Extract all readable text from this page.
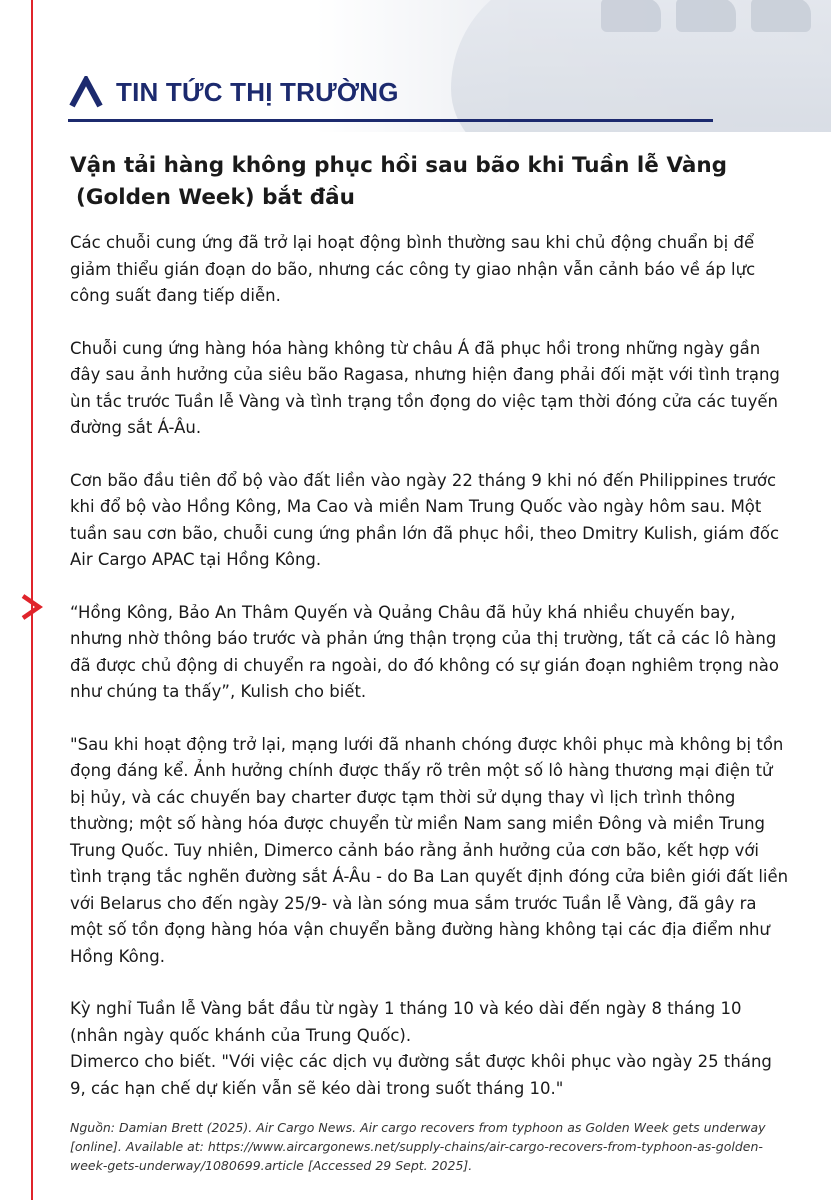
TIN TỨC THỊ TRƯỜNG
Vận tải hàng không phục hồi sau bão khi Tuần lễ Vàng
(Golden Week) bắt đầu

Các chuỗi cung ứng đã trở lại hoạt động bình thường sau khi chủ động chuẩn bị để giảm thiểu gián đoạn do bão, nhưng các công ty giao nhận vẫn cảnh báo về áp lực công suất đang tiếp diễn.

Chuỗi cung ứng hàng hóa hàng không từ châu Á đã phục hồi trong những ngày gần đây sau ảnh hưởng của siêu bão Ragasa, nhưng hiện đang phải đối mặt với tình trạng ùn tắc trước Tuần lễ Vàng và tình trạng tồn đọng do việc tạm thời đóng cửa các tuyến đường sắt Á-Âu.

Cơn bão đầu tiên đổ bộ vào đất liền vào ngày 22 tháng 9 khi nó đến Philippines trước khi đổ bộ vào Hồng Kông, Ma Cao và miền Nam Trung Quốc vào ngày hôm sau. Một tuần sau cơn bão, chuỗi cung ứng phần lớn đã phục hồi, theo Dmitry Kulish, giám đốc Air Cargo APAC tại Hồng Kông.

“Hồng Kông, Bảo An Thâm Quyến và Quảng Châu đã hủy khá nhiều chuyến bay, nhưng nhờ thông báo trước và phản ứng thận trọng của thị trường, tất cả các lô hàng đã được chủ động di chuyển ra ngoài, do đó không có sự gián đoạn nghiêm trọng nào như chúng ta thấy”, Kulish cho biết.

"Sau khi hoạt động trở lại, mạng lưới đã nhanh chóng được khôi phục mà không bị tồn đọng đáng kể. Ảnh hưởng chính được thấy rõ trên một số lô hàng thương mại điện tử bị hủy, và các chuyến bay charter được tạm thời sử dụng thay vì lịch trình thông thường; một số hàng hóa được chuyển từ miền Nam sang miền Đông và miền Trung Trung Quốc. Tuy nhiên, Dimerco cảnh báo rằng ảnh hưởng của cơn bão, kết hợp với tình trạng tắc nghẽn đường sắt Á-Âu - do Ba Lan quyết định đóng cửa biên giới đất liền với Belarus cho đến ngày 25/9- và làn sóng mua sắm trước Tuần lễ Vàng, đã gây ra một số tồn đọng hàng hóa vận chuyển bằng đường hàng không tại các địa điểm như Hồng Kông.

Kỳ nghỉ Tuần lễ Vàng bắt đầu từ ngày 1 tháng 10 và kéo dài đến ngày 8 tháng 10 (nhân ngày quốc khánh của Trung Quốc).

Dimerco cho biết. "Với việc các dịch vụ đường sắt được khôi phục vào ngày 25 tháng 9, các hạn chế dự kiến vẫn sẽ kéo dài trong suốt tháng 10."

Nguồn: Damian Brett (2025). Air Cargo News. Air cargo recovers from typhoon as Golden Week gets underway [online]. Available at: https://www.aircargonews.net/supply-chains/air-cargo-recovers-from-typhoon-as-golden-week-gets-underway/1080699.article [Accessed 29 Sept. 2025].
